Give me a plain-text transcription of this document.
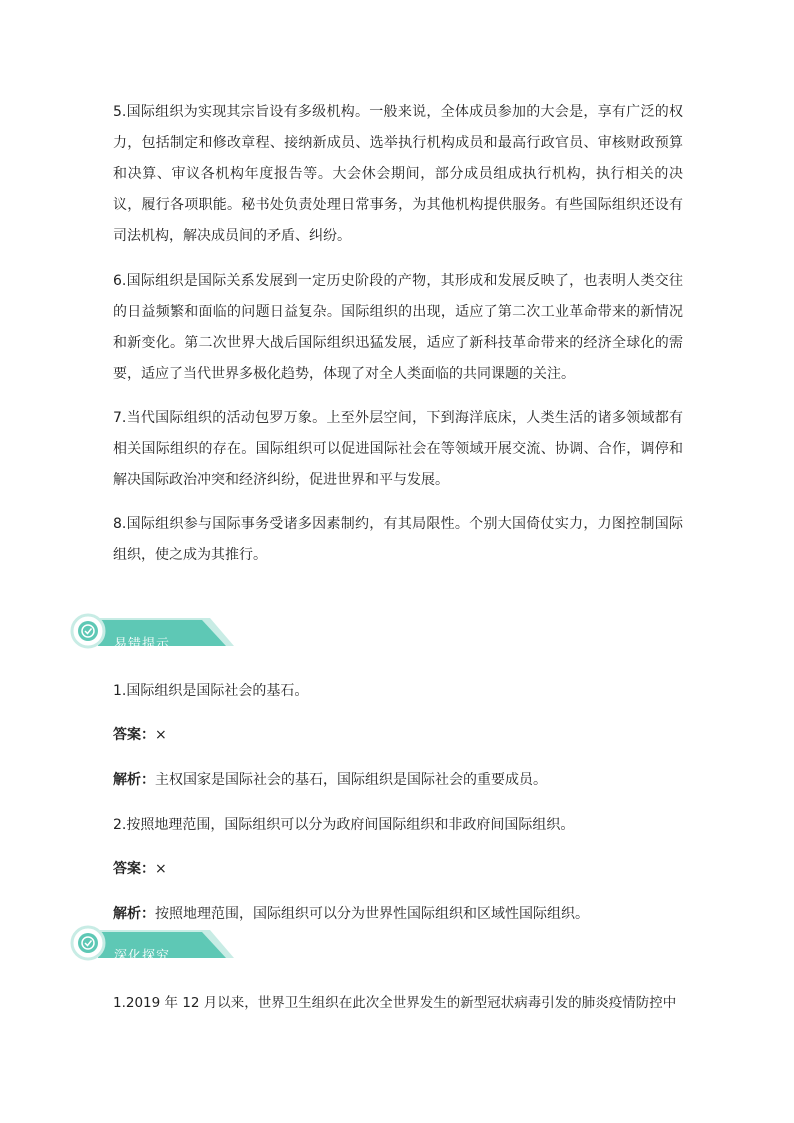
5.国际组织为实现其宗旨设有多级机构。一般来说，全体成员参加的大会是，享有广泛的权力，包括制定和修改章程、接纳新成员、选举执行机构成员和最高行政官员、审核财政预算和决算、审议各机构年度报告等。大会休会期间，部分成员组成执行机构，执行相关的决议，履行各项职能。秘书处负责处理日常事务，为其他机构提供服务。有些国际组织还设有司法机构，解决成员间的矛盾、纠纷。

6.国际组织是国际关系发展到一定历史阶段的产物，其形成和发展反映了，也表明人类交往的日益频繁和面临的问题日益复杂。国际组织的出现，适应了第二次工业革命带来的新情况和新变化。第二次世界大战后国际组织迅猛发展，适应了新科技革命带来的经济全球化的需要，适应了当代世界多极化趋势，体现了对全人类面临的共同课题的关注。

7.当代国际组织的活动包罗万象。上至外层空间，下到海洋底床，人类生活的诸多领域都有相关国际组织的存在。国际组织可以促进国际社会在等领域开展交流、协调、合作，调停和解决国际政治冲突和经济纠纷，促进世界和平与发展。

8.国际组织参与国际事务受诸多因素制约，有其局限性。个别大国倚仗实力，力图控制国际组织，使之成为其推行。

易错提示

1.国际组织是国际社会的基石。

答案：×

解析：主权国家是国际社会的基石，国际组织是国际社会的重要成员。

2.按照地理范围，国际组织可以分为政府间国际组织和非政府间国际组织。

答案：×

解析：按照地理范围，国际组织可以分为世界性国际组织和区域性国际组织。

深化探究

1.2019 年 12 月以来，世界卫生组织在此次全世界发生的新型冠状病毒引发的肺炎疫情防控中
